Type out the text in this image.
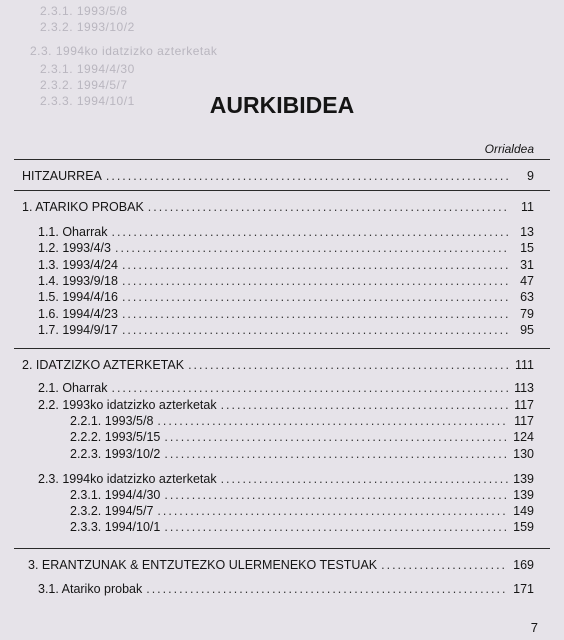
2.3.1. 1993/5/8
2.3.2. 1993/10/2
2.3. 1994ko idatzizko azterketak
2.3.1. 1994/4/30
2.3.2. 1994/5/7
2.3.3. 1994/10/1	AURKIBIDEA
Orrialdea
HITZAURREA .....	9
1. ATARIKO PROBAK .....	11
1.1. Oharrak .....	13
1.2. 1993/4/3 .....	15
1.3. 1993/4/24 .....	31
1.4. 1993/9/18 .....	47
1.5. 1994/4/16 .....	63
1.6. 1994/4/23 .....	79
1.7. 1994/9/17 .....	95
2. IDATZIZKO AZTERKETAK .....	111
2.1. Oharrak .....	113
2.2. 1993ko idatzizko azterketak .....	117
2.2.1. 1993/5/8 .....	117
2.2.2. 1993/5/15 .....	124
2.2.3. 1993/10/2 .....	130
2.3. 1994ko idatzizko azterketak .....	139
2.3.1. 1994/4/30 .....	139
2.3.2. 1994/5/7 .....	149
2.3.3. 1994/10/1 .....	159
3. ERANTZUNAK & ENTZUTEZKO ULERMENEKO TESTUAK .....	169
3.1. Atariko probak .....	171
7
